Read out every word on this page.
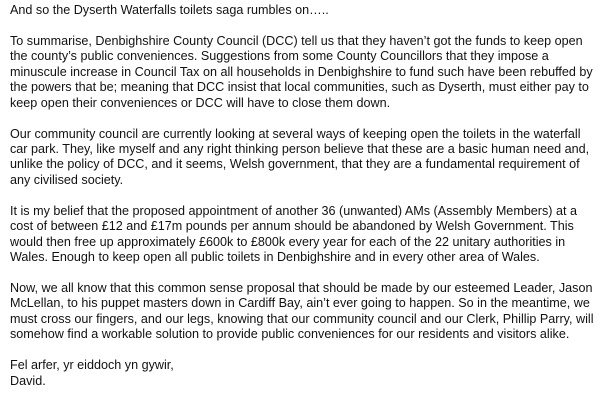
And so the Dyserth Waterfalls toilets saga rumbles on…..

To summarise, Denbighshire County Council (DCC) tell us that they haven’t got the funds to keep open the county’s public conveniences. Suggestions from some County Councillors that they impose a minuscule increase in Council Tax on all households in Denbighshire to fund such have been rebuffed by the powers that be; meaning that DCC insist that local communities, such as Dyserth, must either pay to keep open their conveniences or DCC will have to close them down.

Our community council are currently looking at several ways of keeping open the toilets in the waterfall car park. They, like myself and any right thinking person believe that these are a basic human need and, unlike the policy of DCC, and it seems, Welsh government, that they are a fundamental requirement of any civilised society.

It is my belief that the proposed appointment of another 36 (unwanted) AMs (Assembly Members) at a cost of between £12 and £17m pounds per annum should be abandoned by Welsh Government. This would then free up approximately £600k to £800k every year for each of the 22 unitary authorities in Wales. Enough to keep open all public toilets in Denbighshire and in every other area of Wales.

Now, we all know that this common sense proposal that should be made by our esteemed Leader, Jason McLellan, to his puppet masters down in Cardiff Bay, ain’t ever going to happen. So in the meantime, we must cross our fingers, and our legs, knowing that our community council and our Clerk, Phillip Parry, will somehow find a workable solution to provide public conveniences for our residents and visitors alike.

Fel arfer, yr eiddoch yn gywir,

David.
